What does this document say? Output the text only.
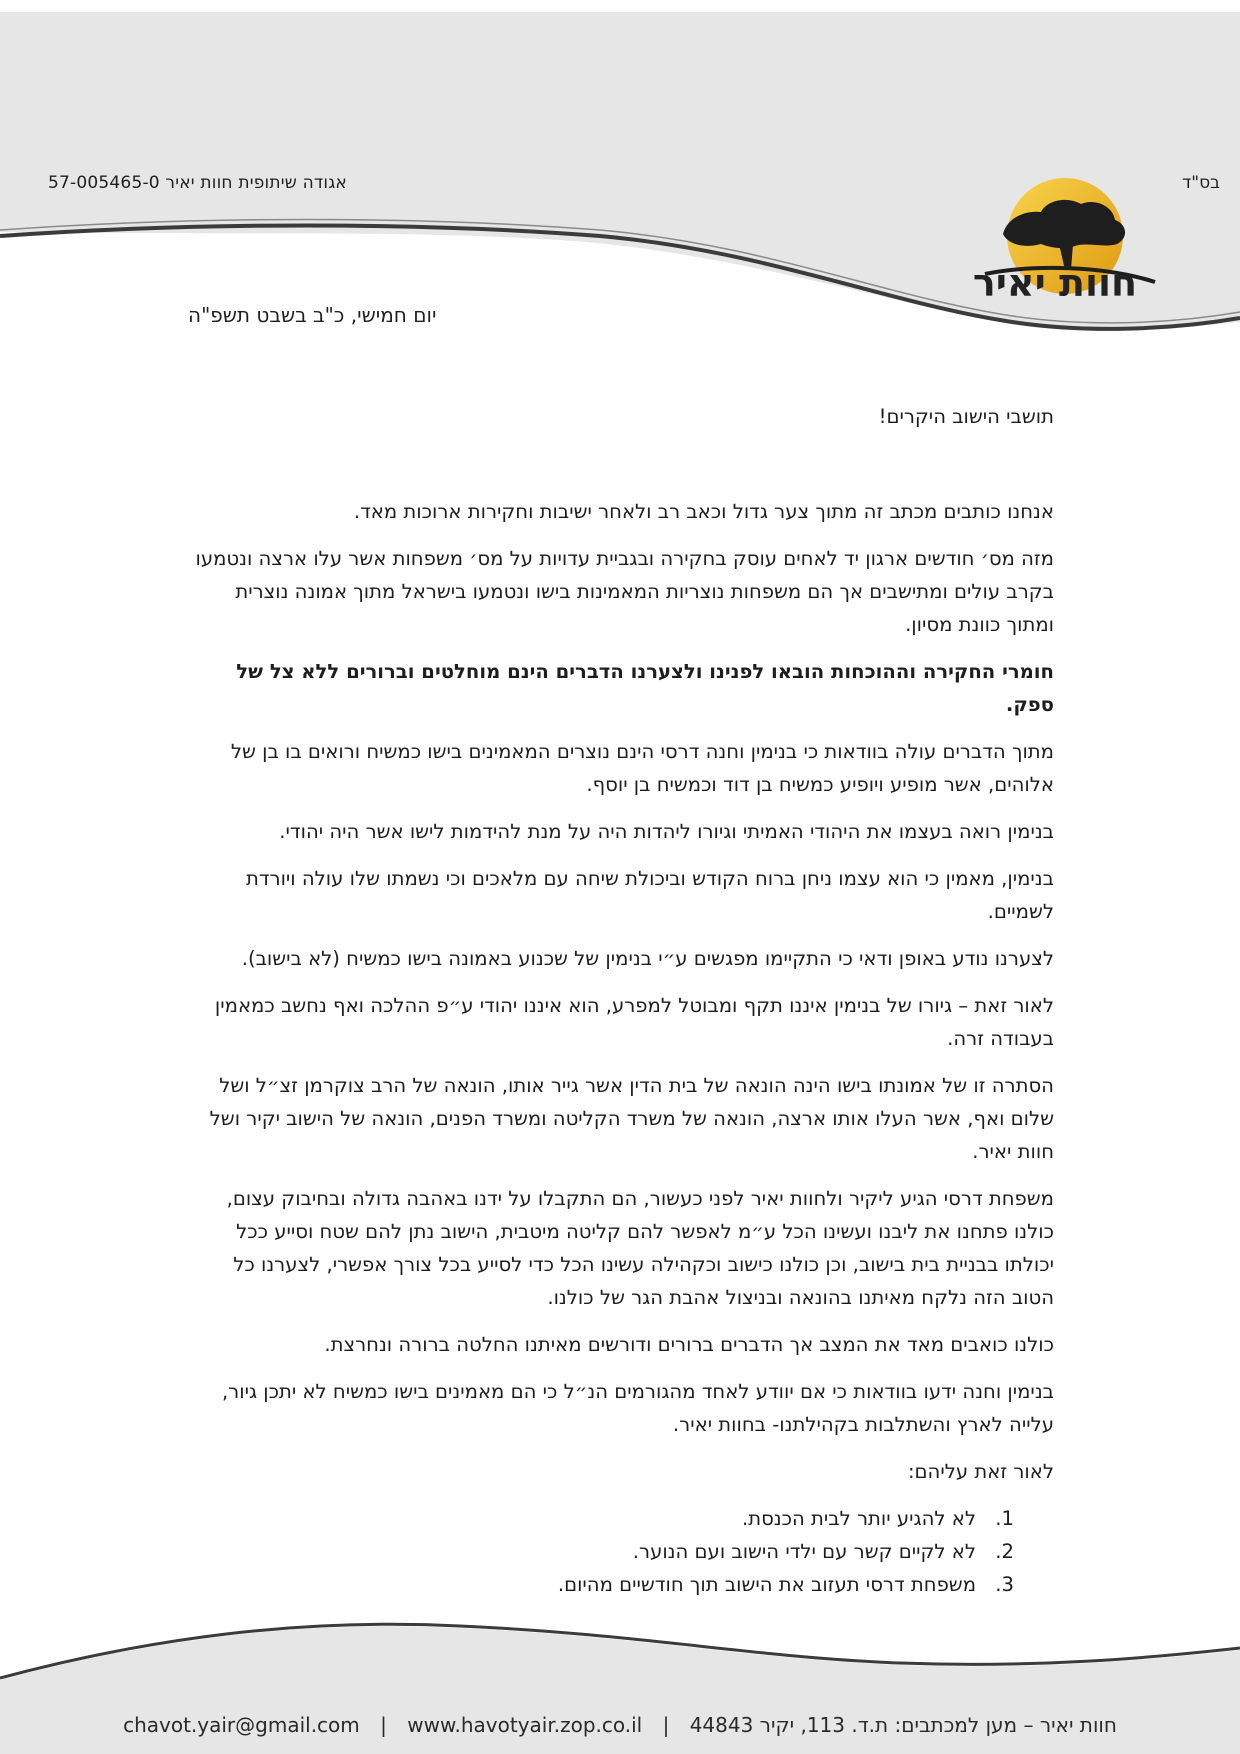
בס"ד
אגודה שיתופית חוות יאיר 57-005465-0
חוות יאיר
יום חמישי, כ"ב בשבט תשפ"ה

תושבי הישוב היקרים!

אנחנו כותבים מכתב זה מתוך צער גדול וכאב רב ולאחר ישיבות וחקירות ארוכות מאד.

מזה מס׳ חודשים ארגון יד לאחים עוסק בחקירה ובגביית עדויות על מס׳ משפחות אשר עלו ארצה ונטמעו בקרב עולים ומתישבים אך הם משפחות נוצריות המאמינות בישו ונטמעו בישראל מתוך אמונה נוצרית ומתוך כוונת מסיון.

חומרי החקירה וההוכחות הובאו לפנינו ולצערנו הדברים הינם מוחלטים וברורים ללא צל של ספק.

מתוך הדברים עולה בוודאות כי בנימין וחנה דרסי הינם נוצרים המאמינים בישו כמשיח ורואים בו בן של אלוהים, אשר מופיע ויופיע כמשיח בן דוד וכמשיח בן יוסף.

בנימין רואה בעצמו את היהודי האמיתי וגיורו ליהדות היה על מנת להידמות לישו אשר היה יהודי.

בנימין, מאמין כי הוא עצמו ניחן ברוח הקודש וביכולת שיחה עם מלאכים וכי נשמתו שלו עולה ויורדת לשמיים.

לצערנו נודע באופן ודאי כי התקיימו מפגשים ע״י בנימין של שכנוע באמונה בישו כמשיח (לא בישוב).

לאור זאת – גיורו של בנימין איננו תקף ומבוטל למפרע, הוא איננו יהודי ע״פ ההלכה ואף נחשב כמאמין בעבודה זרה.

הסתרה זו של אמונתו בישו הינה הונאה של בית הדין אשר גייר אותו, הונאה של הרב צוקרמן זצ״ל ושל שלום ואף, אשר העלו אותו ארצה, הונאה של משרד הקליטה ומשרד הפנים, הונאה של הישוב יקיר ושל חוות יאיר.

משפחת דרסי הגיע ליקיר ולחוות יאיר לפני כעשור, הם התקבלו על ידנו באהבה גדולה ובחיבוק עצום, כולנו פתחנו את ליבנו ועשינו הכל ע״מ לאפשר להם קליטה מיטבית, הישוב נתן להם שטח וסייע ככל יכולתו בבניית בית בישוב, וכן כולנו כישוב וכקהילה עשינו הכל כדי לסייע בכל צורך אפשרי, לצערנו כל הטוב הזה נלקח מאיתנו בהונאה ובניצול אהבת הגר של כולנו.

כולנו כואבים מאד את המצב אך הדברים ברורים ודורשים מאיתנו החלטה ברורה ונחרצת.

בנימין וחנה ידעו בוודאות כי אם יוודע לאחד מהגורמים הנ״ל כי הם מאמינים בישו כמשיח לא יתכן גיור, עלייה לארץ והשתלבות בקהילתנו- בחוות יאיר.

לאור זאת עליהם:

1.לא להגיע יותר לבית הכנסת.
2.לא לקיים קשר עם ילדי הישוב ועם הנוער.
3.משפחת דרסי תעזוב את הישוב תוך חודשיים מהיום.
chavot.yair@gmail.com | www.havotyair.zop.co.il | חוות יאיר – מען למכתבים: ת.ד. 113, יקיר 44843
